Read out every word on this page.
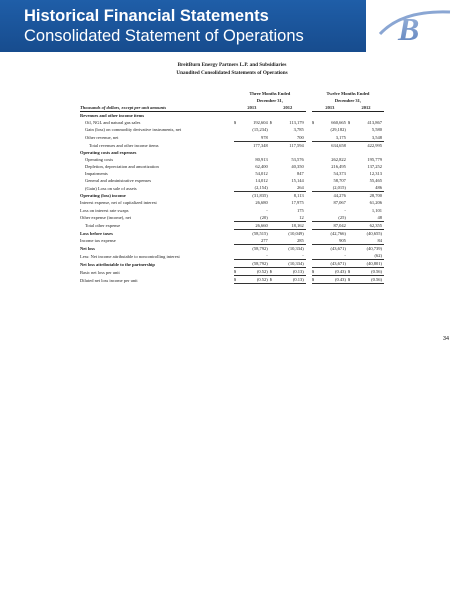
Historical Financial Statements
Consolidated Statement of Operations	B
BreitBurn Energy Partners L.P. and Subsidiaries
Unaudited Consolidated Statements of Operations
	Three Months Ended					Twelve Months Ended			
	December 31,					December 31,			
Thousands of dollars, except per unit amounts	2013		2012			2013		2012	
Revenues and other income items									
Oil, NGL and natural gas sales	$	192,604	$	113,179		$	660,665	$	413,867
Gain (loss) on commodity derivative instruments, net		(15,234)		3,785			(29,182)		5,580
Other revenue, net		978		700			3,175		3,548
Total revenues and other income items		177,348		117,594			634,658		422,995
Operating costs and expenses									
Operating costs		80,913		53,576			262,822		195,779
Depletion, depreciation and amortization		62,400		40,350			216,495		137,252
Impairments		54,012		847			54,373		12,313
General and administrative expenses		14,012		15,144			58,707		55,465
(Gain) Loss on sale of assets		(2,154)		264			(2,015)		486
Operating (loss) income		(31,835)		8,113			44,276		28,700
Interest expense, net of capitalized interest		26,680		17,975			87,067		61,206
Loss on interest rate swaps		-		175			-		1,101
Other expense (income), net		(20)		12			(25)		48
Total other expense		26,660		18,162			87,042		62,355
Loss before taxes		(58,515)		(10,049)			(42,766)		(40,655)
Income tax expense		277		285			905		84
Net loss		(58,792)		(10,334)			(43,671)		(40,739)
Less: Net income attributable to noncontrolling interest		-		-			-		(62)
Net loss attributable to the partnership		(58,792)		(10,334)			(43,671)		(40,801)
Basic net loss per unit	$	(0.52)	$	(0.13)		$	(0.43)	$	(0.56)
Diluted net loss income per unit	$	(0.52)	$	(0.13)		$	(0.43)	$	(0.56)
34
